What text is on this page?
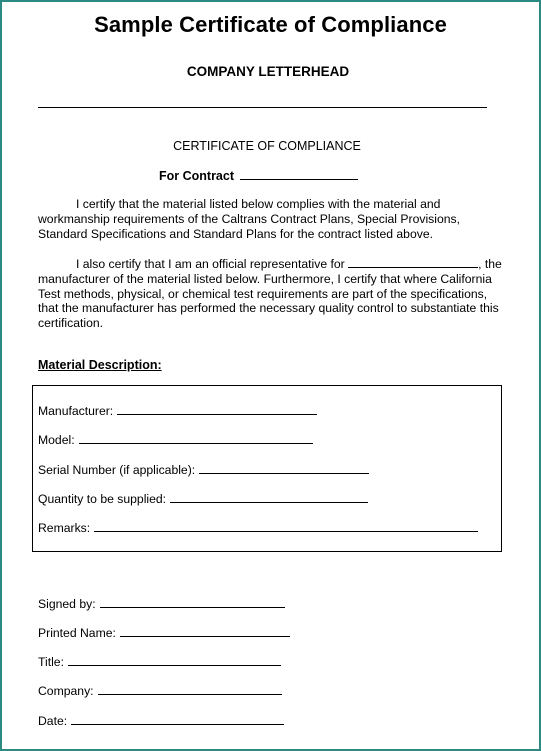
Sample Certificate of Compliance
COMPANY LETTERHEAD
CERTIFICATE OF COMPLIANCE
For Contract
I certify that the material listed below complies with the material and workmanship requirements of the Caltrans Contract Plans, Special Provisions, Standard Specifications and Standard Plans for the contract listed above.
I also certify that I am an official representative for	, the manufacturer of the material listed below. Furthermore, I certify that where California Test methods, physical, or chemical test requirements are part of the specifications, that the manufacturer has performed the necessary quality control to substantiate this certification.
Material Description:
Manufacturer:
Model:
Serial Number (if applicable):
Quantity to be supplied:
Remarks:
Signed by:
Printed Name:
Title:
Company:
Date:
